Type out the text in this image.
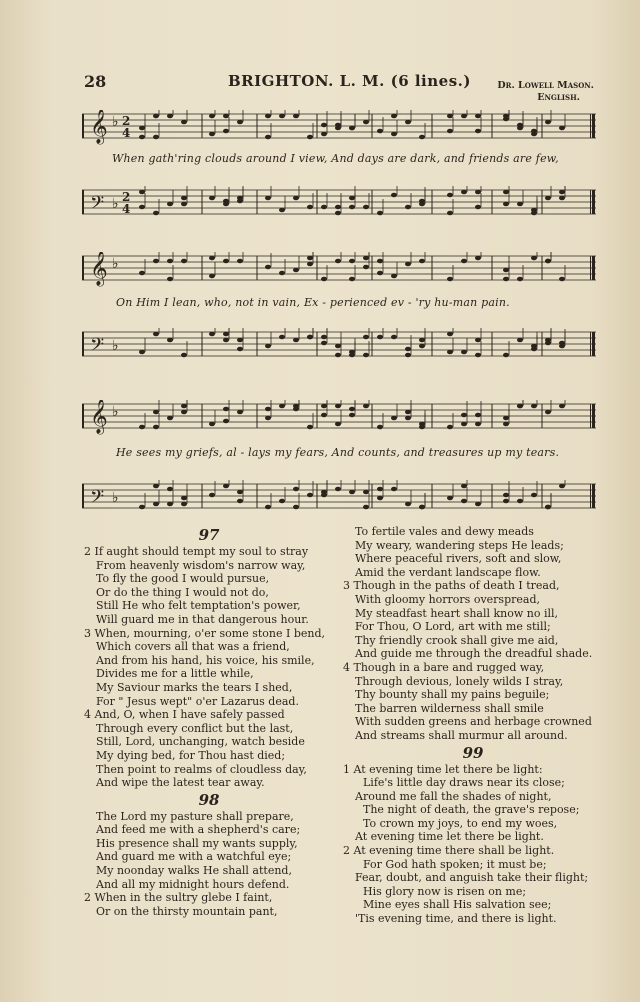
28	BRIGHTON. L. M. (6 lines.)	Dr. Lowell Mason.
English.
𝄞 ♭ 2
4
When gath'ring clouds around I view, And days are dark, and friends are few,
𝄢 ♭ 2
4
𝄞 ♭
On Him I lean, who, not in vain, Ex - perienced ev - 'ry hu-man pain.
𝄢 ♭
𝄞 ♭
He sees my griefs, al - lays my fears, And counts, and treasures up my tears.
𝄢 ♭
97
2 If aught should tempt my soul to stray
From heavenly wisdom's narrow way,
To fly the good I would pursue,
Or do the thing I would not do,
Still He who felt temptation's power,
Will guard me in that dangerous hour.
3 When, mourning, o'er some stone I bend,
Which covers all that was a friend,
And from his hand, his voice, his smile,
Divides me for a little while,
My Saviour marks the tears I shed,
For " Jesus wept" o'er Lazarus dead.
4 And, O, when I have safely passed
Through every conflict but the last,
Still, Lord, unchanging, watch beside
My dying bed, for Thou hast died;
Then point to realms of cloudless day,
And wipe the latest tear away.
98
The Lord my pasture shall prepare,
And feed me with a shepherd's care;
His presence shall my wants supply,
And guard me with a watchful eye;
My noonday walks He shall attend,
And all my midnight hours defend.
2 When in the sultry glebe I faint,
Or on the thirsty mountain pant,
To fertile vales and dewy meads
My weary, wandering steps He leads;
Where peaceful rivers, soft and slow,
Amid the verdant landscape flow.
3 Though in the paths of death I tread,
With gloomy horrors overspread,
My steadfast heart shall know no ill,
For Thou, O Lord, art with me still;
Thy friendly crook shall give me aid,
And guide me through the dreadful shade.
4 Though in a bare and rugged way,
Through devious, lonely wilds I stray,
Thy bounty shall my pains beguile;
The barren wilderness shall smile
With sudden greens and herbage crowned
And streams shall murmur all around.
99
1 At evening time let there be light:
Life's little day draws near its close;
Around me fall the shades of night,
The night of death, the grave's repose;
To crown my joys, to end my woes,
At evening time let there be light.
2 At evening time there shall be light.
For God hath spoken; it must be;
Fear, doubt, and anguish take their flight;
His glory now is risen on me;
Mine eyes shall His salvation see;
'Tis evening time, and there is light.
